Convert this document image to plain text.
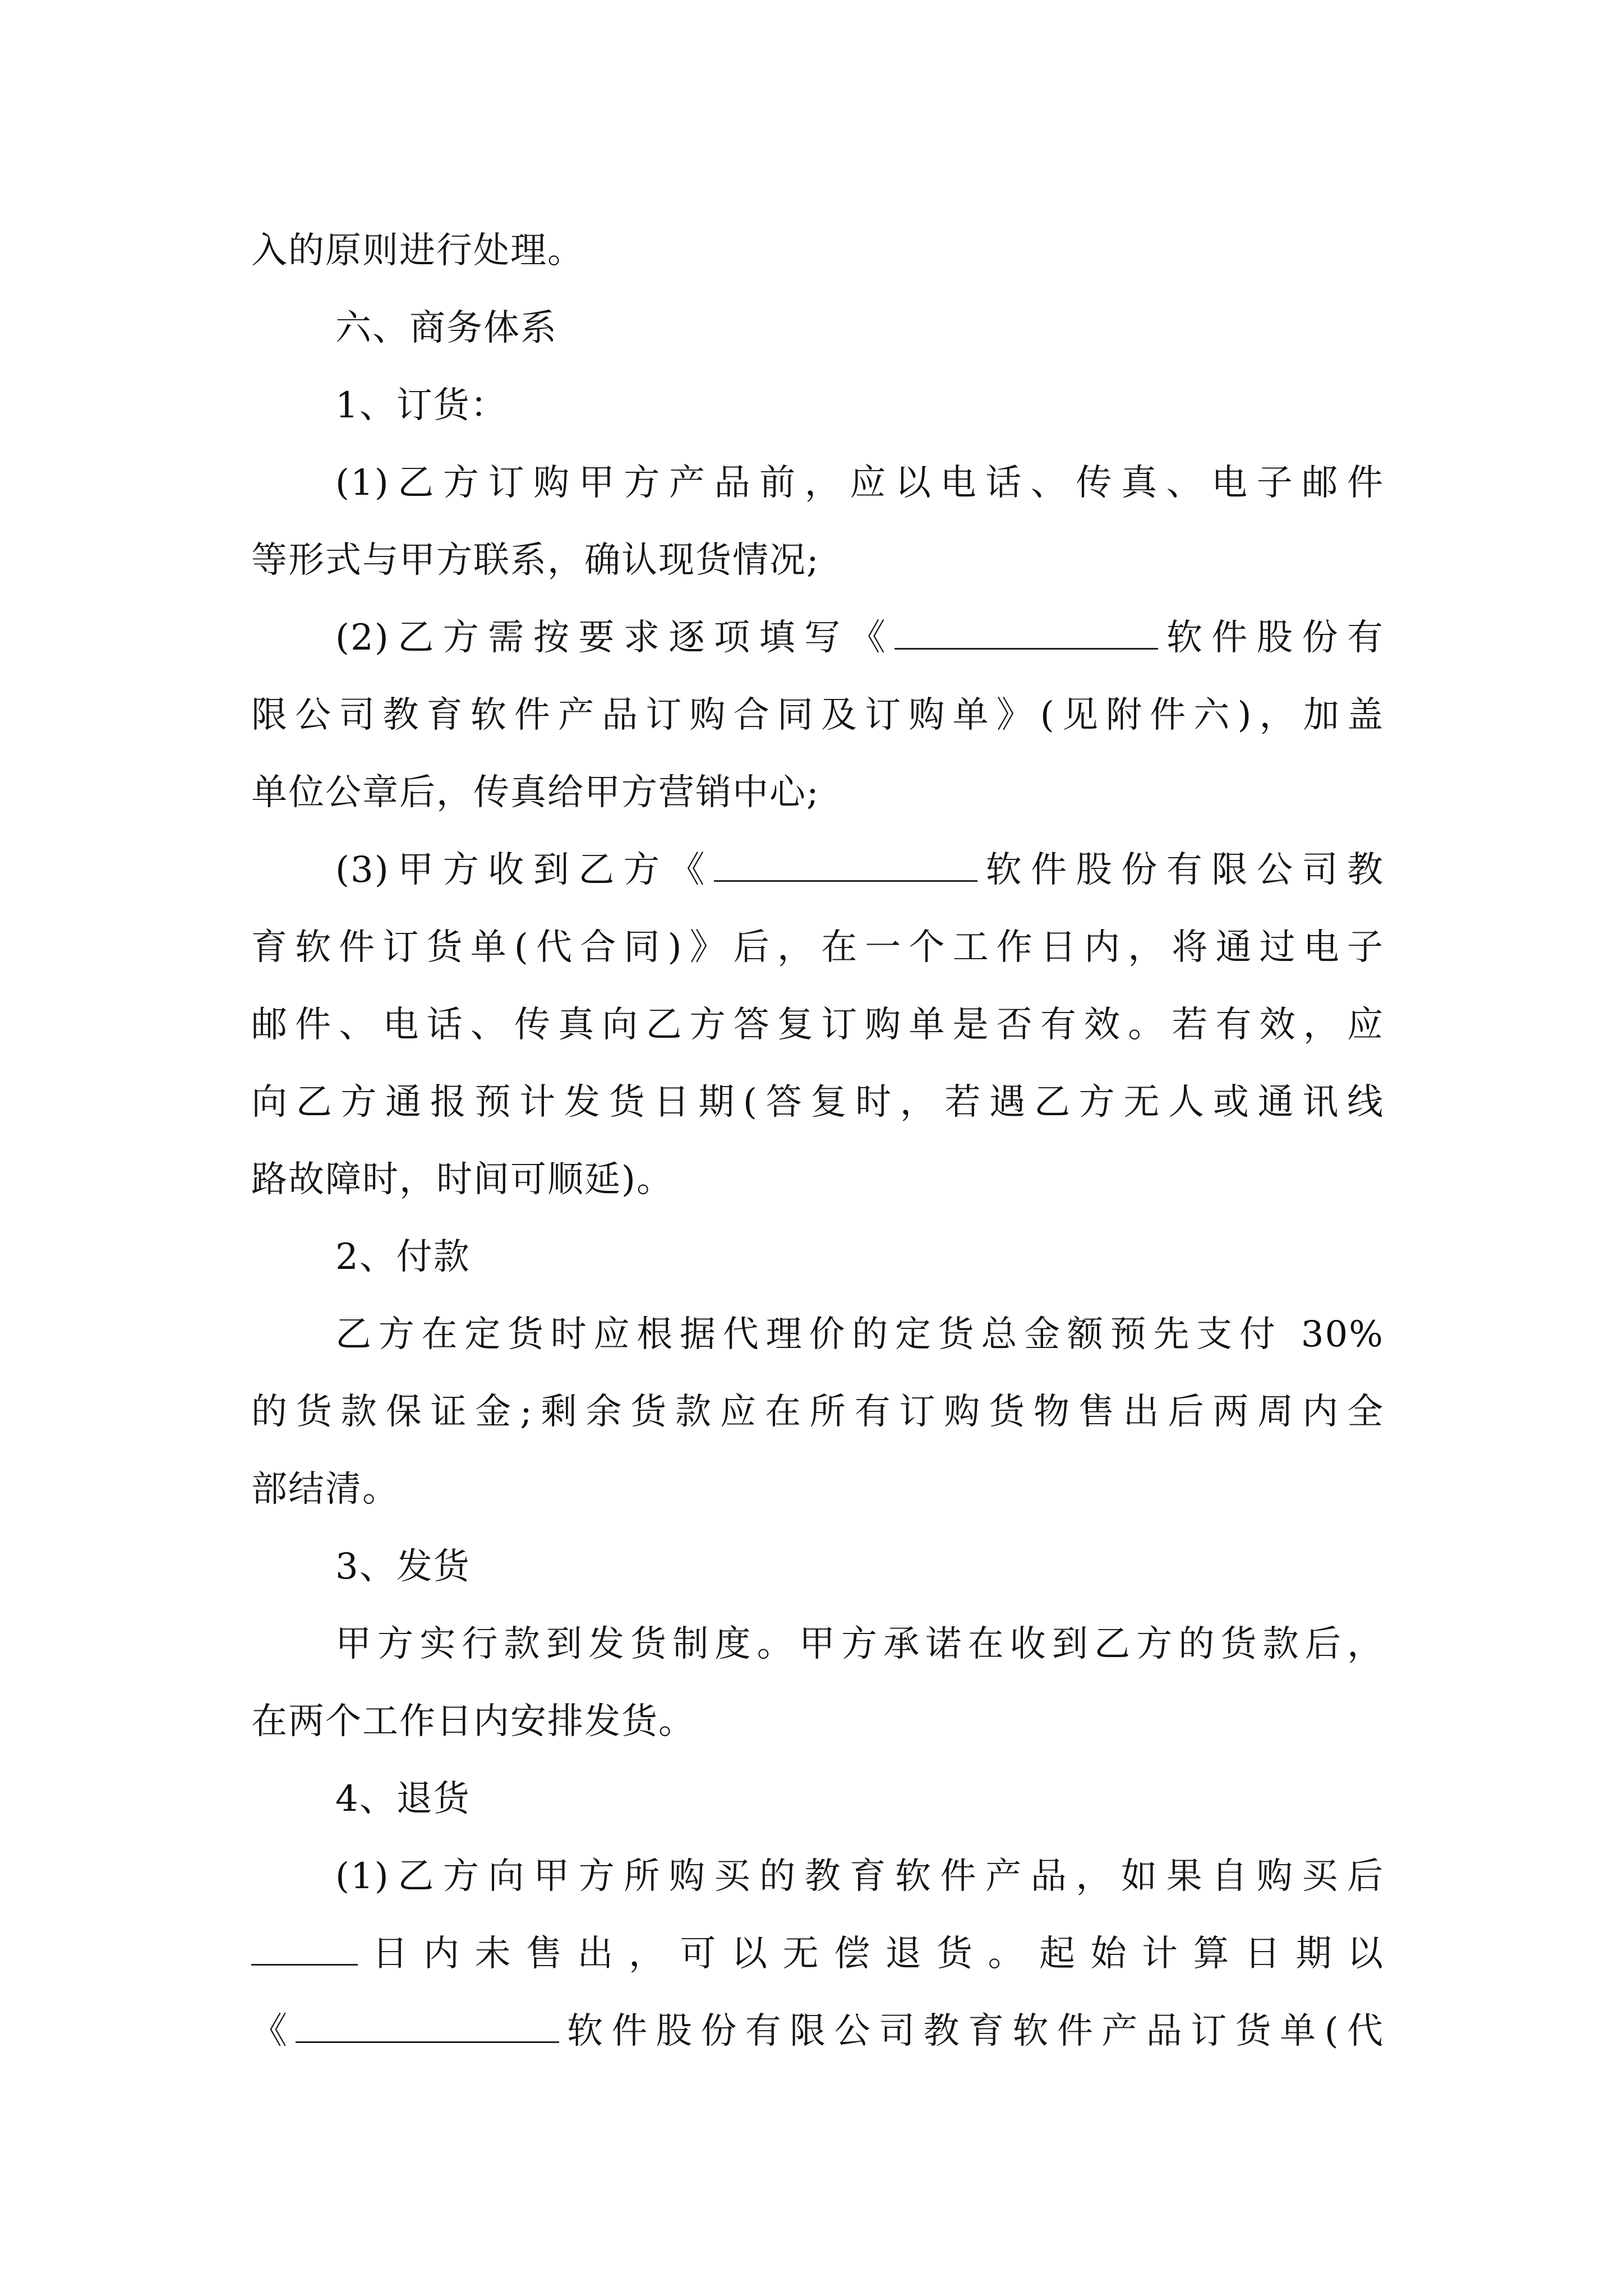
入的原则进行处理。
六、商务体系
1、订货：
(1)乙方订购甲方产品前，应以电话、传真、电子邮件
等形式与甲方联系，确认现货情况;
(2)乙方需按要求逐项填写《	软件股份有
限公司教育软件产品订购合同及订购单》(见附件六)，加盖
单位公章后，传真给甲方营销中心;
(3)甲方收到乙方《	软件股份有限公司教
育软件订货单(代合同)》后，在一个工作日内，将通过电子
邮件、电话、传真向乙方答复订购单是否有效。若有效，应
向乙方通报预计发货日期(答复时，若遇乙方无人或通讯线
路故障时，时间可顺延)。
2、付款
乙方在定货时应根据代理价的定货总金额预先支付 30%
的货款保证金;剩余货款应在所有订购货物售出后两周内全
部结清。
3、发货
甲方实行款到发货制度。甲方承诺在收到乙方的货款后，
在两个工作日内安排发货。
4、退货
(1)乙方向甲方所购买的教育软件产品，如果自购买后
日内未售出，可以无偿退货。起始计算日期以
《	软件股份有限公司教育软件产品订货单(代
